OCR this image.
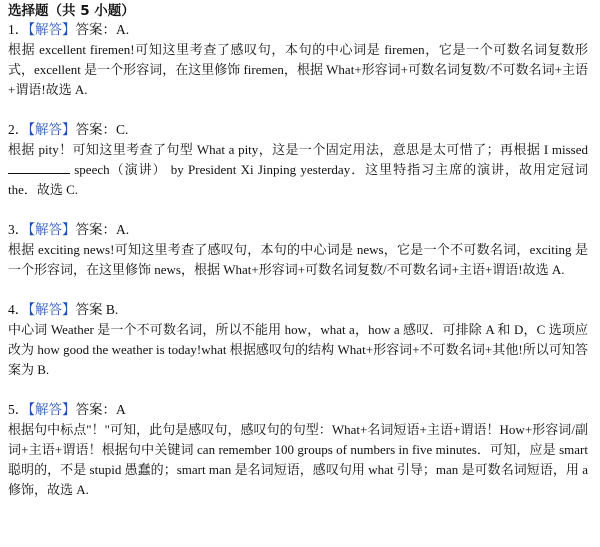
选择题（共 5 小题）
1．【解答】答案：A.

根据 excellent firemen!可知这里考查了感叹句，本句的中心词是 firemen，它是一个可数名词复数形式，excellent 是一个形容词，在这里修饰 firemen，根据 What+形容词+可数名词复数/不可数名词+主语+谓语!故选 A.

2．【解答】答案：C.

根据 pity！可知这里考查了句型 What a pity，这是一个固定用法，意思是太可惜了；再根据 I missed  speech（演讲） by President Xi Jinping yesterday．这里特指习主席的演讲，故用定冠词 the．故选 C.

3．【解答】答案：A.

根据 exciting news!可知这里考查了感叹句，本句的中心词是 news，它是一个不可数名词，exciting 是一个形容词，在这里修饰 news，根据 What+形容词+可数名词复数/不可数名词+主语+谓语!故选 A.

4．【解答】答案 B.

中心词 Weather 是一个不可数名词，所以不能用 how，what a，how a 感叹．可排除 A 和 D，C 选项应改为 how good the weather is today!what 根据感叹句的结构 What+形容词+不可数名词+其他!所以可知答案为 B.

5．【解答】答案：A

根据句中标点"！"可知，此句是感叹句，感叹句的句型：What+名词短语+主语+谓语！How+形容词/副词+主语+谓语！根据句中关键词 can remember 100 groups of numbers in five minutes．可知，应是 smart 聪明的，不是 stupid 愚蠢的；smart man 是名词短语，感叹句用 what 引导；man 是可数名词短语，用 a 修饰，故选 A.
